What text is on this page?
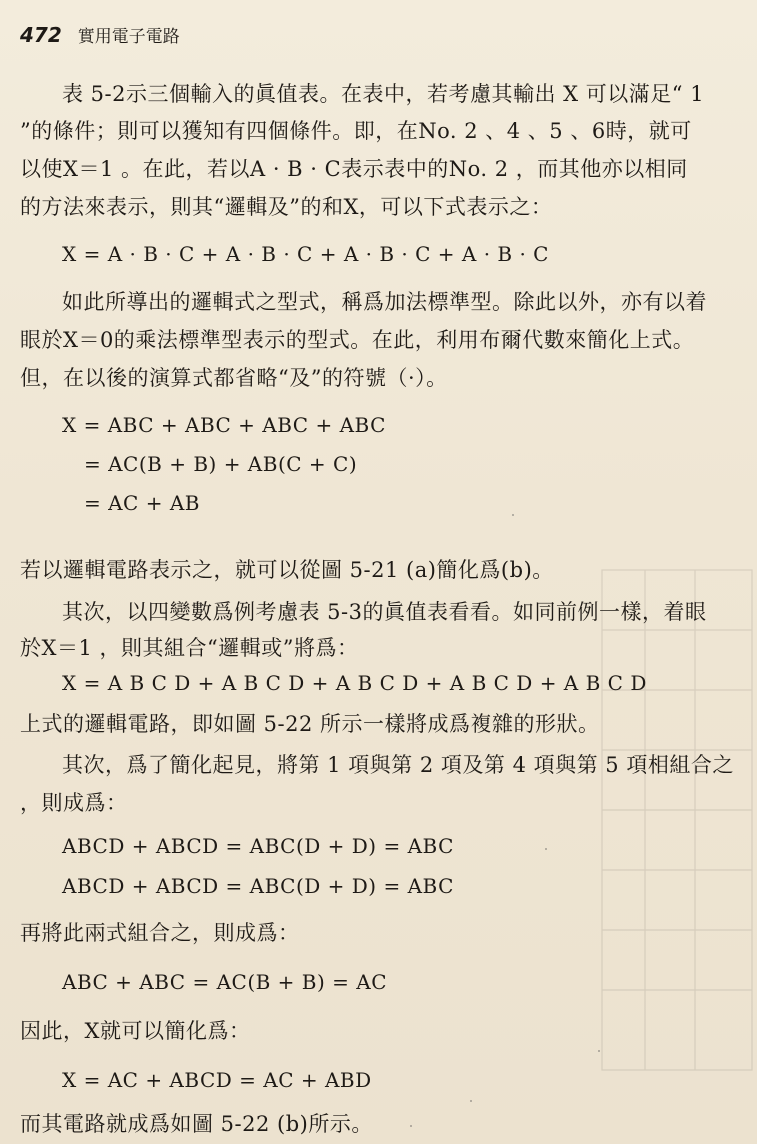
472 實用電子電路
表 5-2示三個輸入的眞值表。在表中，若考慮其輸出 X 可以滿足“ 1
”的條件；則可以獲知有四個條件。即，在No. 2 、4 、5 、6時，就可
以使X＝1 。在此，若以A · B · C表示表中的No. 2 ，而其他亦以相同
的方法來表示，則其“邏輯及”的和X，可以下式表示之：
X = A · B · C + A · B · C + A · B · C + A · B · C
如此所導出的邏輯式之型式，稱爲加法標準型。除此以外，亦有以着
眼於X＝0的乘法標準型表示的型式。在此，利用布爾代數來簡化上式。
但，在以後的演算式都省略“及”的符號（·）。
X = ABC + ABC + ABC + ABC
= AC(B + B) + AB(C + C)
= AC + AB
若以邏輯電路表示之，就可以從圖 5-21 (a)簡化爲(b)。
其次，以四變數爲例考慮表 5-3的眞值表看看。如同前例一樣，着眼
於X＝1 ，則其組合“邏輯或”將爲：
X = A B C D + A B C D + A B C D + A B C D + A B C D
上式的邏輯電路，即如圖 5-22 所示一樣將成爲複雜的形狀。
其次，爲了簡化起見，將第 1 項與第 2 項及第 4 項與第 5 項相組合之
，則成爲：
ABCD + ABCD = ABC(D + D) = ABC
ABCD + ABCD = ABC(D + D) = ABC
再將此兩式組合之，則成爲：
ABC + ABC = AC(B + B) = AC
因此，X就可以簡化爲：
X = AC + ABCD = AC + ABD
而其電路就成爲如圖 5-22 (b)所示。
